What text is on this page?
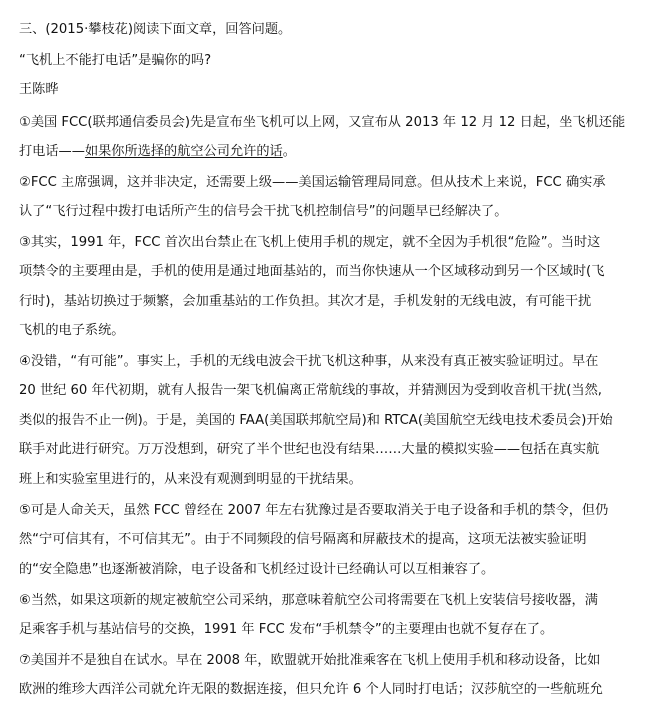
三、(2015·攀枝花)阅读下面文章，回答问题。
“飞机上不能打电话”是骗你的吗?
王陈晔
①美国 FCC(联邦通信委员会)先是宣布坐飞机可以上网，又宣布从 2013 年 12 月 12 日起，坐飞机还能
打电话——如果你所选择的航空公司允许的话。
②FCC 主席强调，这并非决定，还需要上级——美国运输管理局同意。但从技术上来说，FCC 确实承
认了“飞行过程中拨打电话所产生的信号会干扰飞机控制信号”的问题早已经解决了。
③其实，1991 年，FCC 首次出台禁止在飞机上使用手机的规定，就不全因为手机很“危险”。当时这
项禁令的主要理由是，手机的使用是通过地面基站的，而当你快速从一个区域移动到另一个区域时(飞
行时)，基站切换过于频繁，会加重基站的工作负担。其次才是，手机发射的无线电波，有可能干扰
飞机的电子系统。
④没错，“有可能”。事实上，手机的无线电波会干扰飞机这种事，从来没有真正被实验证明过。早在
20 世纪 60 年代初期，就有人报告一架飞机偏离正常航线的事故，并猜测因为受到收音机干扰(当然,
类似的报告不止一例)。于是，美国的 FAA(美国联邦航空局)和 RTCA(美国航空无线电技术委员会)开始
联手对此进行研究。万万没想到，研究了半个世纪也没有结果……大量的模拟实验——包括在真实航
班上和实验室里进行的，从来没有观测到明显的干扰结果。
⑤可是人命关天，虽然 FCC 曾经在 2007 年左右犹豫过是否要取消关于电子设备和手机的禁令，但仍
然“宁可信其有，不可信其无”。由于不同频段的信号隔离和屏蔽技术的提高，这项无法被实验证明
的“安全隐患”也逐渐被消除，电子设备和飞机经过设计已经确认可以互相兼容了。
⑥当然，如果这项新的规定被航空公司采纳，那意味着航空公司将需要在飞机上安装信号接收器，满
足乘客手机与基站信号的交换，1991 年 FCC 发布“手机禁令”的主要理由也就不复存在了。
⑦美国并不是独自在试水。早在 2008 年，欧盟就开始批准乘客在飞机上使用手机和移动设备，比如
欧洲的维珍大西洋公司就允许无限的数据连接，但只允许 6 个人同时打电话；汉莎航空的一些航班允
